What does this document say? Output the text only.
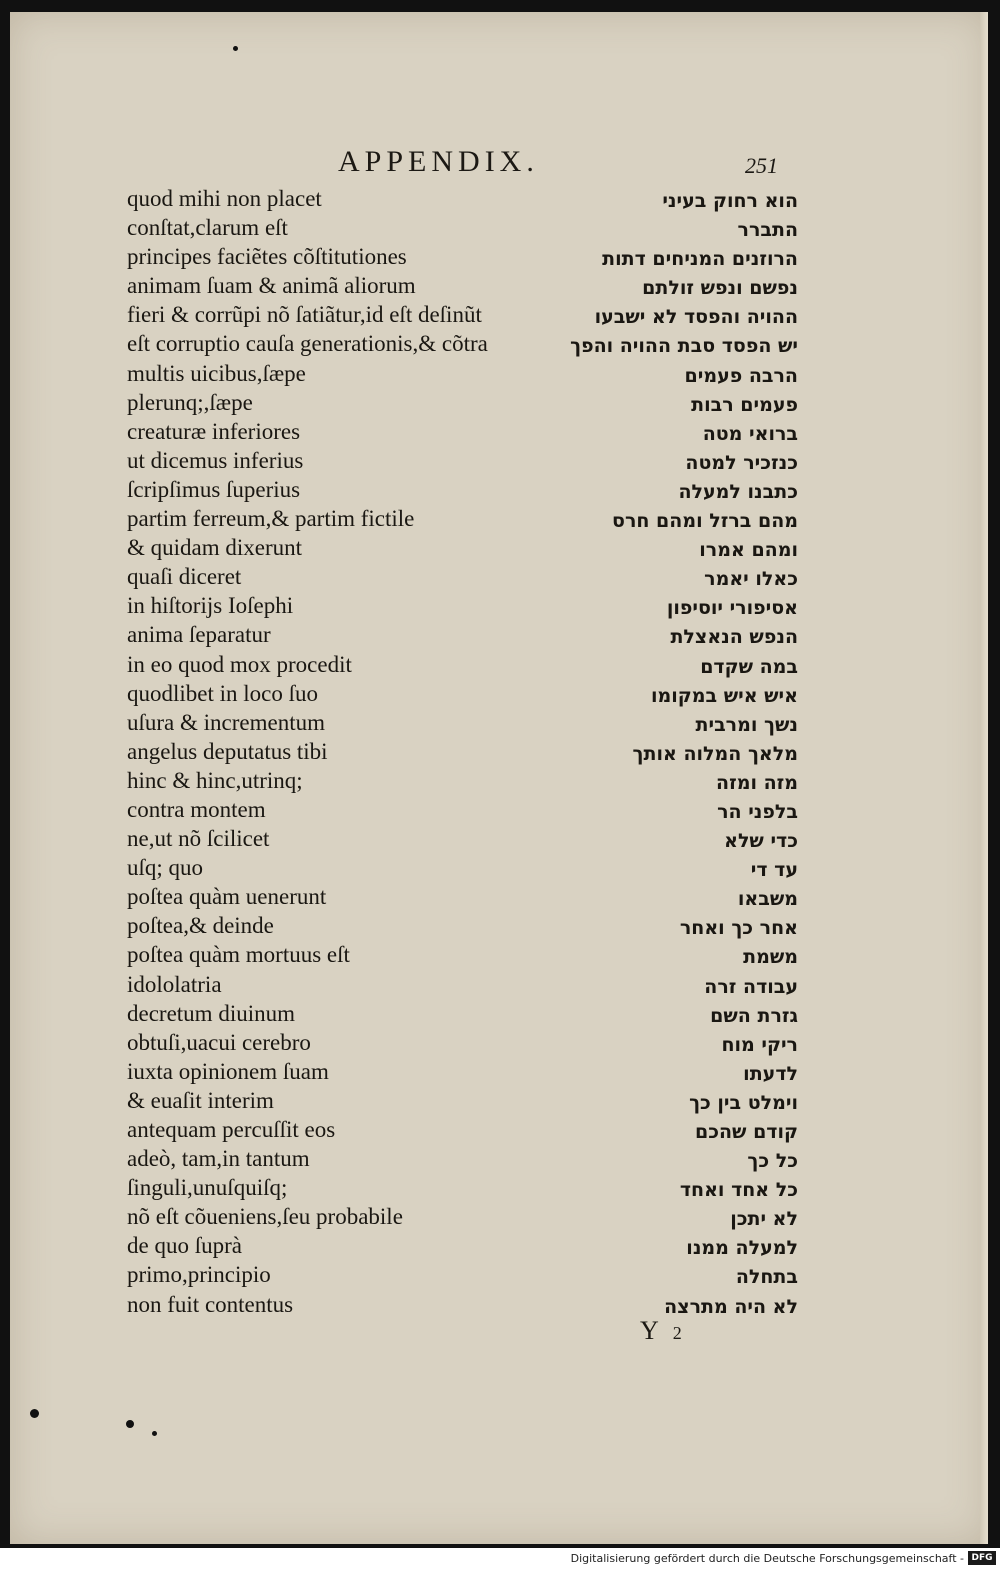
APPENDIX.	251
quod mihi non placet	הוא רחוק בעיני
conſtat,clarum eſt	התברר
principes faciẽtes cõſtitutiones	הרוזנים המניחים דתות
animam ſuam & animã aliorum	נפשם ונפש זולתם
fieri & corrũpi nõ ſatiãtur,id eſt deſinũt	ההויה והפסד לא ישבעו
eſt corruptio cauſa generationis,& cõtra	יש הפסד סבת ההויה והפך
multis uicibus,ſæpe	הרבה פעמים
plerunq;,ſæpe	פעמים רבות
creaturæ inferiores	ברואי מטה
ut dicemus inferius	כנזכיר למטה
ſcripſimus ſuperius	כתבנו למעלה
partim ferreum,& partim fictile	מהם ברזל ומהם חרס
& quidam dixerunt	ומהם אמרו
quaſi diceret	כאלו יאמר
in hiſtorijs Ioſephi	אסיפורי יוסיפון
anima ſeparatur	הנפש הנאצלת
in eo quod mox procedit	במה שקדם
quodlibet in loco ſuo	איש איש במקומו
uſura & incrementum	נשך ומרבית
angelus deputatus tibi	מלאך המלוה אותך
hinc & hinc,utrinq;	מזה ומזה
contra montem	בלפני הר
ne,ut nõ ſcilicet	כדי שלא
uſq; quo	עד די
poſtea quàm uenerunt	משבאו
poſtea,& deinde	אחר כך ואחר
poſtea quàm mortuus eſt	משמת
idololatria	עבודה זרה
decretum diuinum	גזרת השם
obtuſi,uacui cerebro	ריקי מוח
iuxta opinionem ſuam	לדעתו
& euaſit interim	וימלט בין כך
antequam percuſſit eos	קודם שהכם
adeò, tam,in tantum	כל כך
ſinguli,unuſquiſq;	כל אחד ואחד
nõ eſt cõueniens,ſeu probabile	לא יתכן
de quo ſuprà	למעלה ממנו
primo,principio	בתחלה
non fuit contentus	לא היה מתרצה
Y 2
Digitalisierung gefördert durch die Deutsche Forschungsgemeinschaft - DFG
